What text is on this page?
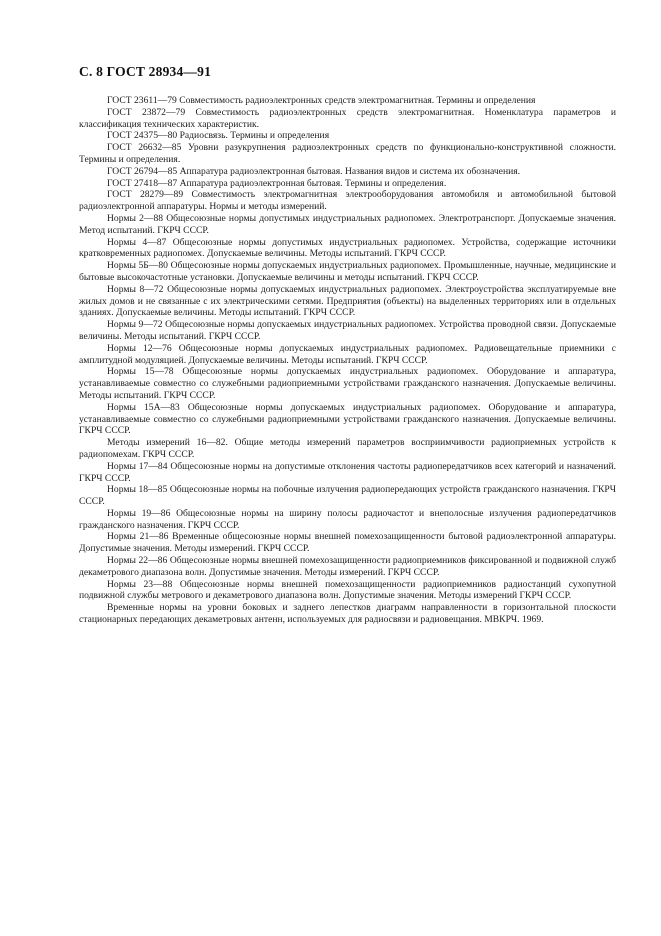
С. 8 ГОСТ 28934—91

ГОСТ 23611—79 Совместимость радиоэлектронных средств электромагнитная. Термины и определения

ГОСТ 23872—79 Совместимость радиоэлектронных средств электромагнитная. Номенклатура параметров и классификация технических характеристик.

ГОСТ 24375—80 Радиосвязь. Термины и определения

ГОСТ 26632—85 Уровни разукрупнения радиоэлектронных средств по функционально-конструктивной сложности. Термины и определения.

ГОСТ 26794—85 Аппаратура радиоэлектронная бытовая. Названия видов и система их обозначения.

ГОСТ 27418—87 Аппаратура радиоэлектронная бытовая. Термины и определения.

ГОСТ 28279—89 Совместимость электромагнитная электрооборудования автомобиля и автомобильной бытовой радиоэлектронной аппаратуры. Нормы и методы измерений.

Нормы 2—88 Общесоюзные нормы допустимых индустриальных радиопомех. Электротранспорт. Допускаемые значения. Метод испытаний. ГКРЧ СССР.

Нормы 4—87 Общесоюзные нормы допустимых индустриальных радиопомех. Устройства, содержащие источники кратковременных радиопомех. Допускаемые величины. Методы испытаний. ГКРЧ СССР.

Нормы 5Б—80 Общесоюзные нормы допускаемых индустриальных радиопомех. Промышленные, научные, медицинские и бытовые высокочастотные установки. Допускаемые величины и методы испытаний. ГКРЧ СССР.

Нормы 8—72 Общесоюзные нормы допускаемых индустриальных радиопомех. Электроустройства эксплуатируемые вне жилых домов и не связанные с их электрическими сетями. Предприятия (объекты) на выделенных территориях или в отдельных зданиях. Допускаемые величины. Методы испытаний. ГКРЧ СССР.

Нормы 9—72 Общесоюзные нормы допускаемых индустриальных радиопомех. Устройства проводной связи. Допускаемые величины. Методы испытаний. ГКРЧ СССР.

Нормы 12—76 Общесоюзные нормы допускаемых индустриальных радиопомех. Радиовещательные приемники с амплитудной модуляцией. Допускаемые величины. Методы испытаний. ГКРЧ СССР.

Нормы 15—78 Общесоюзные нормы допускаемых индустриальных радиопомех. Оборудование и аппаратура, устанавливаемые совместно со служебными радиоприемными устройствами гражданского назначения. Допускаемые величины. Методы испытаний. ГКРЧ СССР.

Нормы 15А—83 Общесоюзные нормы допускаемых индустриальных радиопомех. Оборудование и аппаратура, устанавливаемые совместно со служебными радиоприемными устройствами гражданского назначения. Допускаемые величины. ГКРЧ СССР.

Методы измерений 16—82. Общие методы измерений параметров восприимчивости радиоприемных устройств к радиопомехам. ГКРЧ СССР.

Нормы 17—84 Общесоюзные нормы на допустимые отклонения частоты радиопередатчиков всех категорий и назначений. ГКРЧ СССР.

Нормы 18—85 Общесоюзные нормы на побочные излучения радиопередающих устройств гражданского назначения. ГКРЧ СССР.

Нормы 19—86 Общесоюзные нормы на ширину полосы радиочастот и внеполосные излучения радиопередатчиков гражданского назначения. ГКРЧ СССР.

Нормы 21—86 Временные общесоюзные нормы внешней помехозащищенности бытовой радиоэлектронной аппаратуры. Допустимые значения. Методы измерений. ГКРЧ СССР.

Нормы 22—86 Общесоюзные нормы внешней помехозащищенности радиоприемников фиксированной и подвижной служб декаметрового диапазона волн. Допустимые значения. Методы измерений. ГКРЧ СССР.

Нормы 23—88 Общесоюзные нормы внешней помехозащищенности радиоприемников радиостанций сухопутной подвижной службы метрового и декаметрового диапазона волн. Допустимые значения. Методы измерений ГКРЧ СССР.

Временные нормы на уровни боковых и заднего лепестков диаграмм направленности в горизонтальной плоскости стационарных передающих декаметровых антенн, используемых для радиосвязи и радиовещания. МВКРЧ. 1969.
